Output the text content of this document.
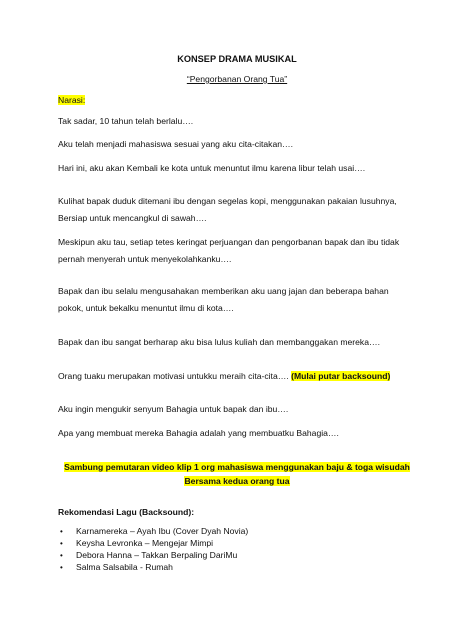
KONSEP DRAMA MUSIKAL
“Pengorbanan Orang Tua”
Narasi:
Tak sadar, 10 tahun telah berlalu….
Aku telah menjadi mahasiswa sesuai yang aku cita-citakan….
Hari ini, aku akan Kembali ke kota untuk menuntut ilmu karena libur telah usai….
Kulihat bapak duduk ditemani ibu dengan segelas kopi, menggunakan pakaian lusuhnya,
Bersiap untuk mencangkul di sawah….
Meskipun aku tau, setiap tetes keringat perjuangan dan pengorbanan bapak dan ibu tidak
pernah menyerah untuk menyekolahkanku….
Bapak dan ibu selalu mengusahakan memberikan aku uang jajan dan beberapa bahan
pokok, untuk bekalku menuntut ilmu di kota….
Bapak dan ibu sangat berharap aku bisa lulus kuliah dan membanggakan mereka….
Orang tuaku merupakan motivasi untukku meraih cita-cita…. (Mulai putar backsound)
Aku ingin mengukir senyum Bahagia untuk bapak dan ibu….
Apa yang membuat mereka Bahagia adalah yang membuatku Bahagia….
Sambung pemutaran video klip 1 org mahasiswa menggunakan baju & toga wisudah
Bersama kedua orang tua
Rekomendasi Lagu (Backsound):
• Karnamereka – Ayah Ibu (Cover Dyah Novia)
• Keysha Levronka – Mengejar Mimpi
• Debora Hanna – Takkan Berpaling DariMu
• Salma Salsabila - Rumah
